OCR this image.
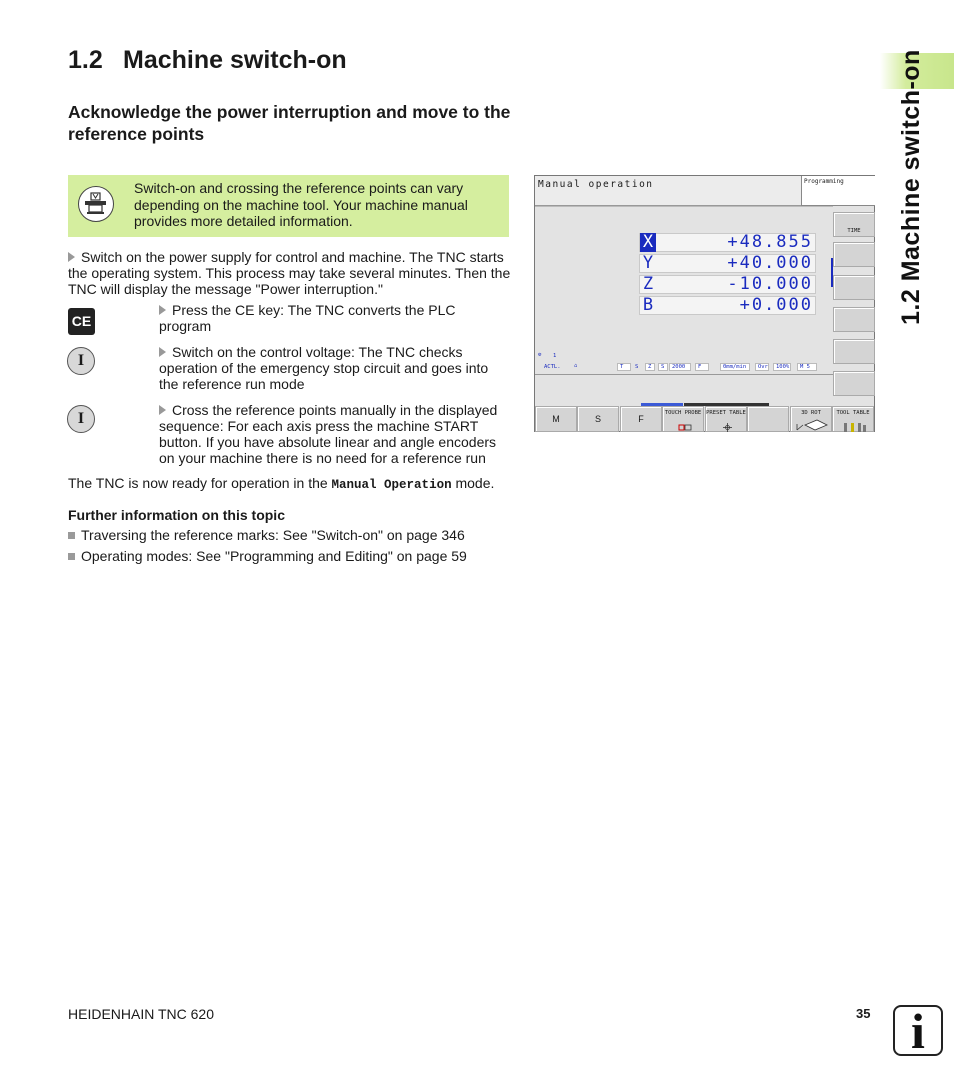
1.2 Machine switch-on
1.2 Machine switch-on
Acknowledge the power interruption and move to the reference points
Switch-on and crossing the reference points can vary depending on the machine tool. Your machine manual provides more detailed information.
Switch on the power supply for control and machine. The TNC starts the operating system. This process may take several minutes. Then the TNC will display the message "Power interruption."
CE
Press the CE key: The TNC converts the PLC program
I	Switch on the control voltage: The TNC checks operation of the emergency stop circuit and goes into the reference run mode
I	Cross the reference points manually in the displayed sequence: For each axis press the machine START button. If you have absolute linear and angle encoders on your machine there is no need for a reference run
The TNC is now ready for operation in the Manual Operation mode.
Further information on this topic
Traversing the reference marks: See "Switch-on" on page 346
Operating modes: See "Programming and Editing" on page 59
Manual operation	Programming
TIME
X	+48.855
Y	+40.000
Z	-10.000
B	+0.000
⚙ 1
ACTL. ⌂	T	S	Z	S	2000	F	0mm/min	Ovr	100%	M 5
M	S	F
TOUCH PROBE PRESET TABLE	3D ROT	TOOL TABLE
HEIDENHAIN TNC 620	35 i
